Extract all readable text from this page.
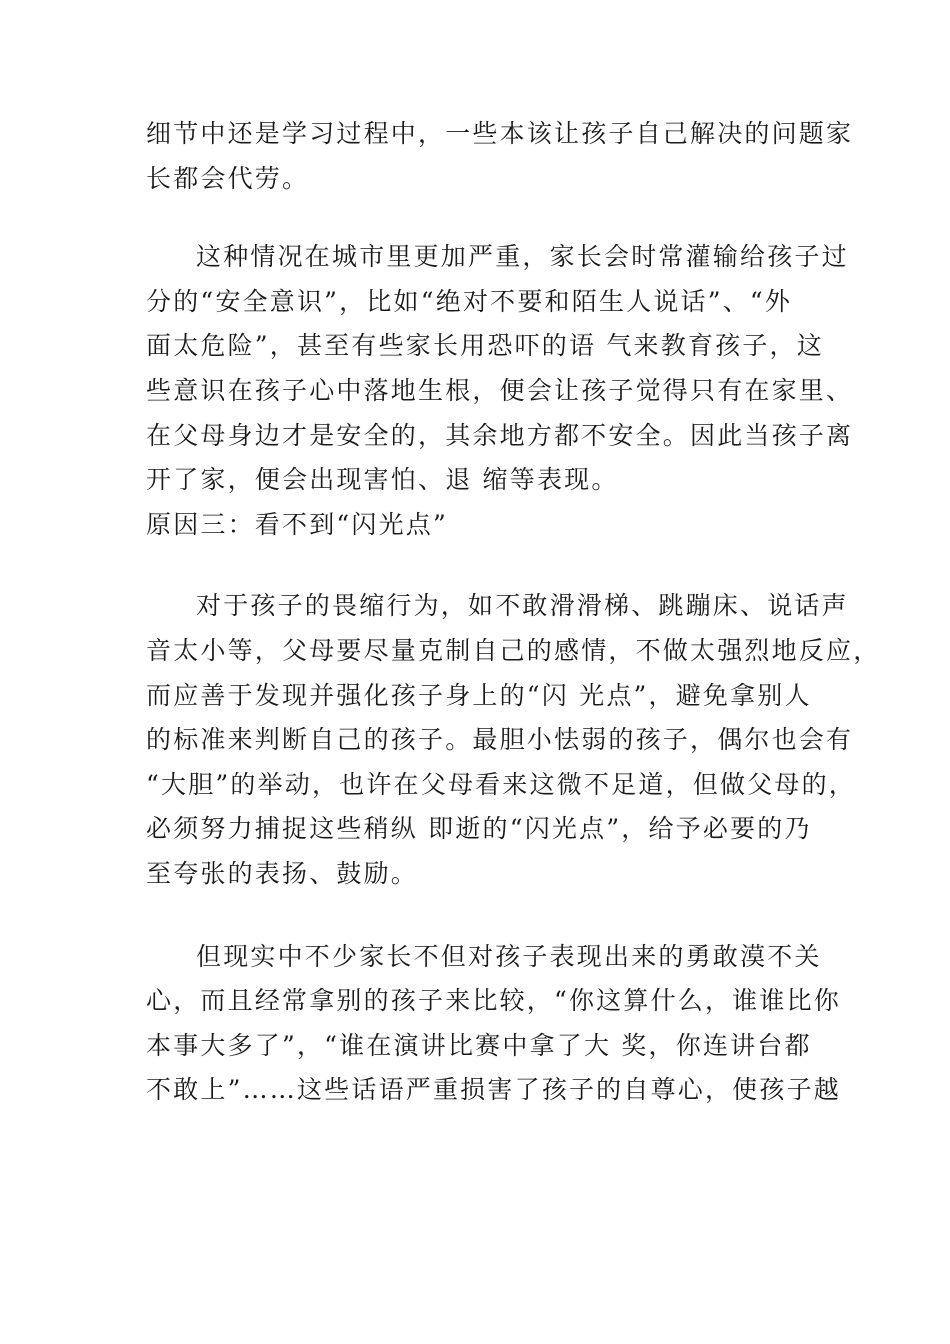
细节中还是学习过程中，一些本该让孩子自己解决的问题家
长都会代劳。

这种情况在城市里更加严重，家长会时常灌输给孩子过
分的“安全意识”，比如“绝对不要和陌生人说话”、“外
面太危险”，甚至有些家长用恐吓的语 气来教育孩子，这
些意识在孩子心中落地生根，便会让孩子觉得只有在家里、
在父母身边才是安全的，其余地方都不安全。因此当孩子离
开了家，便会出现害怕、退 缩等表现。

原因三：看不到“闪光点”

对于孩子的畏缩行为，如不敢滑滑梯、跳蹦床、说话声
音太小等，父母要尽量克制自己的感情，不做太强烈地反应，
而应善于发现并强化孩子身上的“闪 光点”，避免拿别人
的标准来判断自己的孩子。最胆小怯弱的孩子，偶尔也会有
“大胆”的举动，也许在父母看来这微不足道，但做父母的，
必须努力捕捉这些稍纵 即逝的“闪光点”，给予必要的乃
至夸张的表扬、鼓励。

但现实中不少家长不但对孩子表现出来的勇敢漠不关
心，而且经常拿别的孩子来比较，“你这算什么，谁谁比你
本事大多了”，“谁在演讲比赛中拿了大 奖，你连讲台都
不敢上”……这些话语严重损害了孩子的自尊心，使孩子越
